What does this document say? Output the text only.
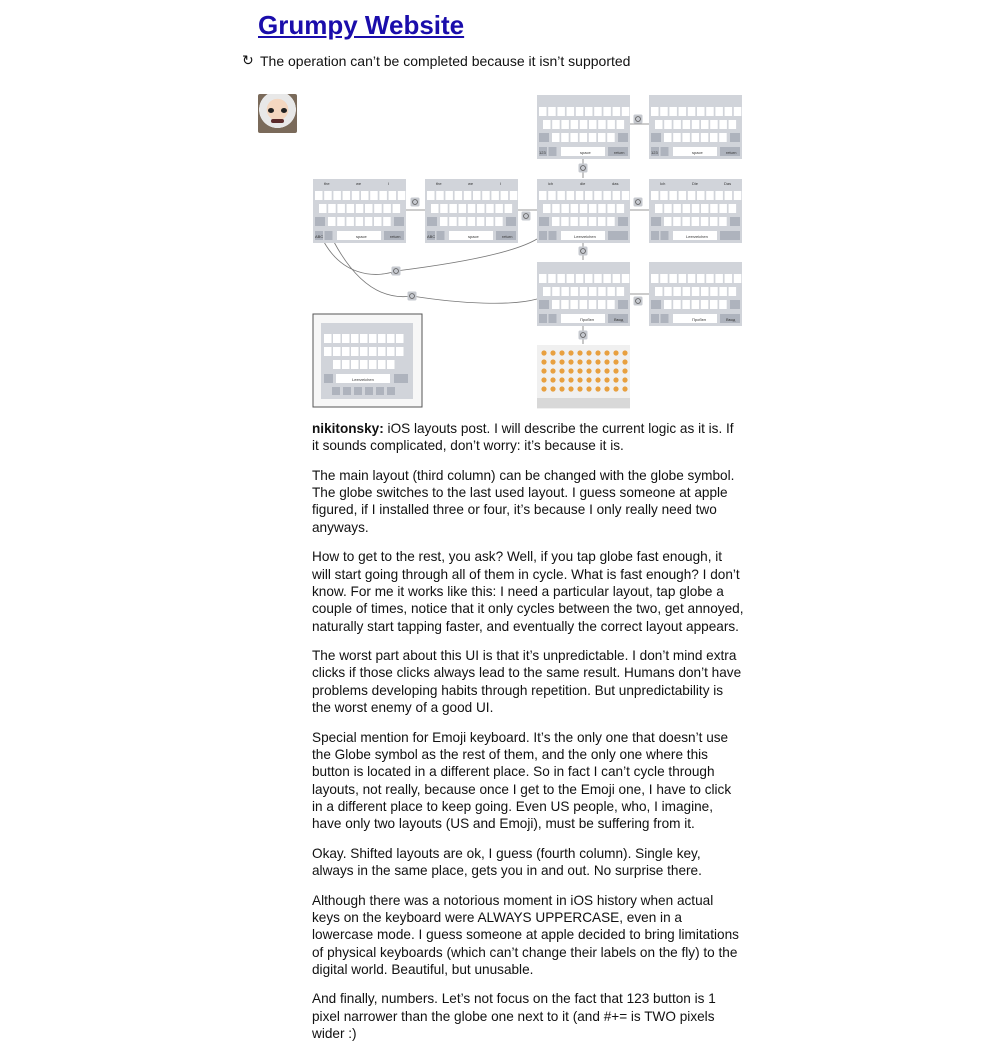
Grumpy Website
↻ The operation can’t be completed because it isn’t supported
the	we	I	the	we	I	ich	die	das	Ich	Die	Das
space	space
space	space	Leerzeichen	Leerzeichen
Пробел	Пробел
Ввод	Ввод
return	return
return	return
ABC	ABC
123	123
Leerzeichen

nikitonsky: iOS layouts post. I will describe the current logic as it is. If it sounds complicated, don’t worry: it’s because it is.

The main layout (third column) can be changed with the globe symbol. The globe switches to the last used layout. I guess someone at apple figured, if I installed three or four, it’s because I only really need two anyways.

How to get to the rest, you ask? Well, if you tap globe fast enough, it will start going through all of them in cycle. What is fast enough? I don’t know. For me it works like this: I need a particular layout, tap globe a couple of times, notice that it only cycles between the two, get annoyed, naturally start tapping faster, and eventually the correct layout appears.

The worst part about this UI is that it’s unpredictable. I don’t mind extra clicks if those clicks always lead to the same result. Humans don’t have problems developing habits through repetition. But unpredictability is the worst enemy of a good UI.

Special mention for Emoji keyboard. It’s the only one that doesn’t use the Globe symbol as the rest of them, and the only one where this button is located in a different place. So in fact I can’t cycle through layouts, not really, because once I get to the Emoji one, I have to click in a different place to keep going. Even US people, who, I imagine, have only two layouts (US and Emoji), must be suffering from it.

Okay. Shifted layouts are ok, I guess (fourth column). Single key, always in the same place, gets you in and out. No surprise there.

Although there was a notorious moment in iOS history when actual keys on the keyboard were ALWAYS UPPERCASE, even in a lowercase mode. I guess someone at apple decided to bring limitations of physical keyboards (which can’t change their labels on the fly) to the digital world. Beautiful, but unusable.

And finally, numbers. Let’s not focus on the fact that 123 button is 1 pixel narrower than the globe one next to it (and #+= is TWO pixels wider :)
